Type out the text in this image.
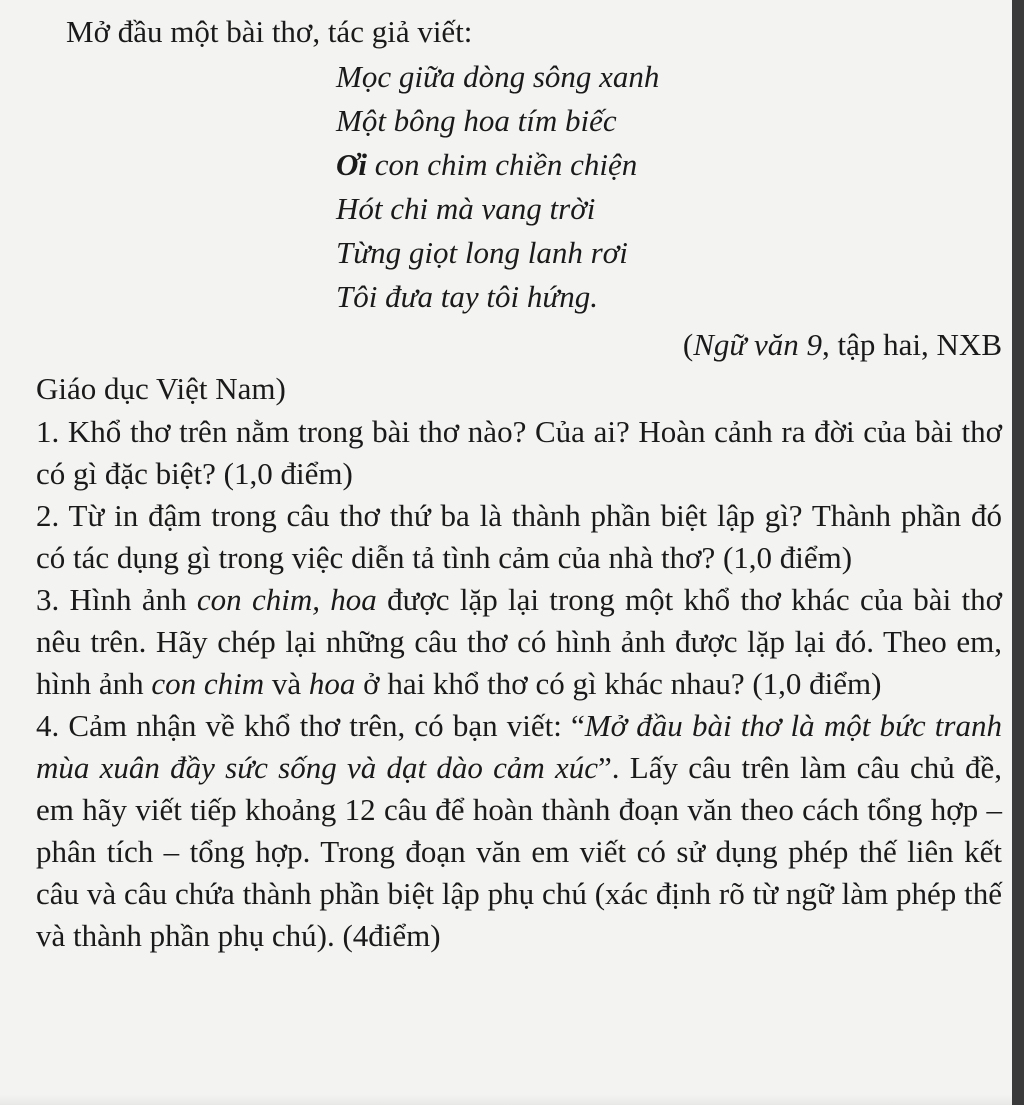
Mở đầu một bài thơ, tác giả viết:
Mọc giữa dòng sông xanh
Một bông hoa tím biếc
Ơi con chim chiền chiện
Hót chi mà vang trời
Từng giọt long lanh rơi
Tôi đưa tay tôi hứng.
(Ngữ văn 9, tập hai, NXB
Giáo dục Việt Nam)

1. Khổ thơ trên nằm trong bài thơ nào? Của ai? Hoàn cảnh ra đời của bài thơ có gì đặc biệt? (1,0 điểm)

2. Từ in đậm trong câu thơ thứ ba là thành phần biệt lập gì? Thành phần đó có tác dụng gì trong việc diễn tả tình cảm của nhà thơ? (1,0 điểm)

3. Hình ảnh con chim, hoa được lặp lại trong một khổ thơ khác của bài thơ nêu trên. Hãy chép lại những câu thơ có hình ảnh được lặp lại đó. Theo em, hình ảnh con chim và hoa ở hai khổ thơ có gì khác nhau? (1,0 điểm)

4. Cảm nhận về khổ thơ trên, có bạn viết: “Mở đầu bài thơ là một bức tranh mùa xuân đầy sức sống và dạt dào cảm xúc”. Lấy câu trên làm câu chủ đề, em hãy viết tiếp khoảng 12 câu để hoàn thành đoạn văn theo cách tổng hợp – phân tích – tổng hợp. Trong đoạn văn em viết có sử dụng phép thế liên kết câu và câu chứa thành phần biệt lập phụ chú (xác định rõ từ ngữ làm phép thế và thành phần phụ chú). (4điểm)
